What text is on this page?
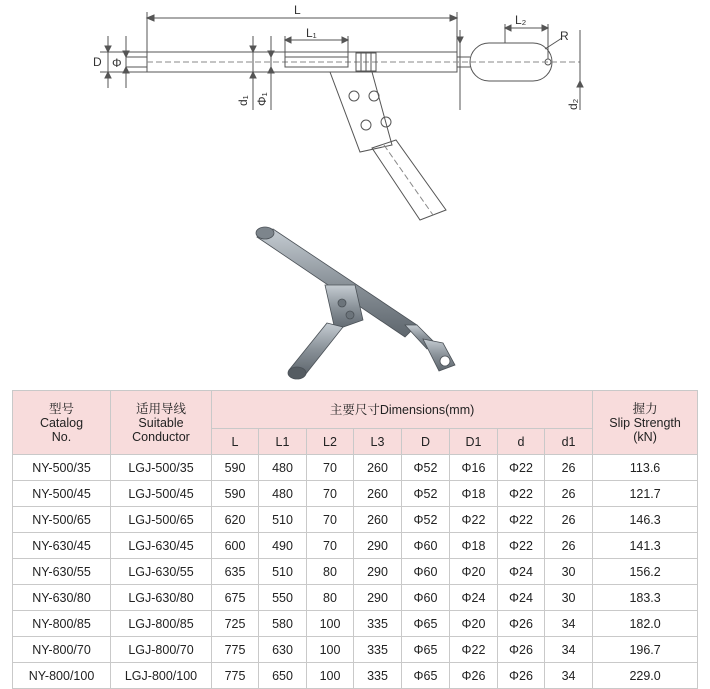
L
L₁
L₂
R
D Φ
d₁ Φ₁	d₂
型号
Catalog
No.	适用导线
Suitable
Conductor	主要尺寸Dimensions(mm)								握力
Slip Strength
(kN)

		L	L1	L2	L3	D	D1	d	d1	
NY-500/35	LGJ-500/35	590	480	70	260	Φ52	Φ16	Φ22	26	113.6
NY-500/45	LGJ-500/45	590	480	70	260	Φ52	Φ18	Φ22	26	121.7
NY-500/65	LGJ-500/65	620	510	70	260	Φ52	Φ22	Φ22	26	146.3
NY-630/45	LGJ-630/45	600	490	70	290	Φ60	Φ18	Φ22	26	141.3
NY-630/55	LGJ-630/55	635	510	80	290	Φ60	Φ20	Φ24	30	156.2
NY-630/80	LGJ-630/80	675	550	80	290	Φ60	Φ24	Φ24	30	183.3
NY-800/85	LGJ-800/85	725	580	100	335	Φ65	Φ20	Φ26	34	182.0
NY-800/70	LGJ-800/70	775	630	100	335	Φ65	Φ22	Φ26	34	196.7
NY-800/100	LGJ-800/100	775	650	100	335	Φ65	Φ26	Φ26	34	229.0
